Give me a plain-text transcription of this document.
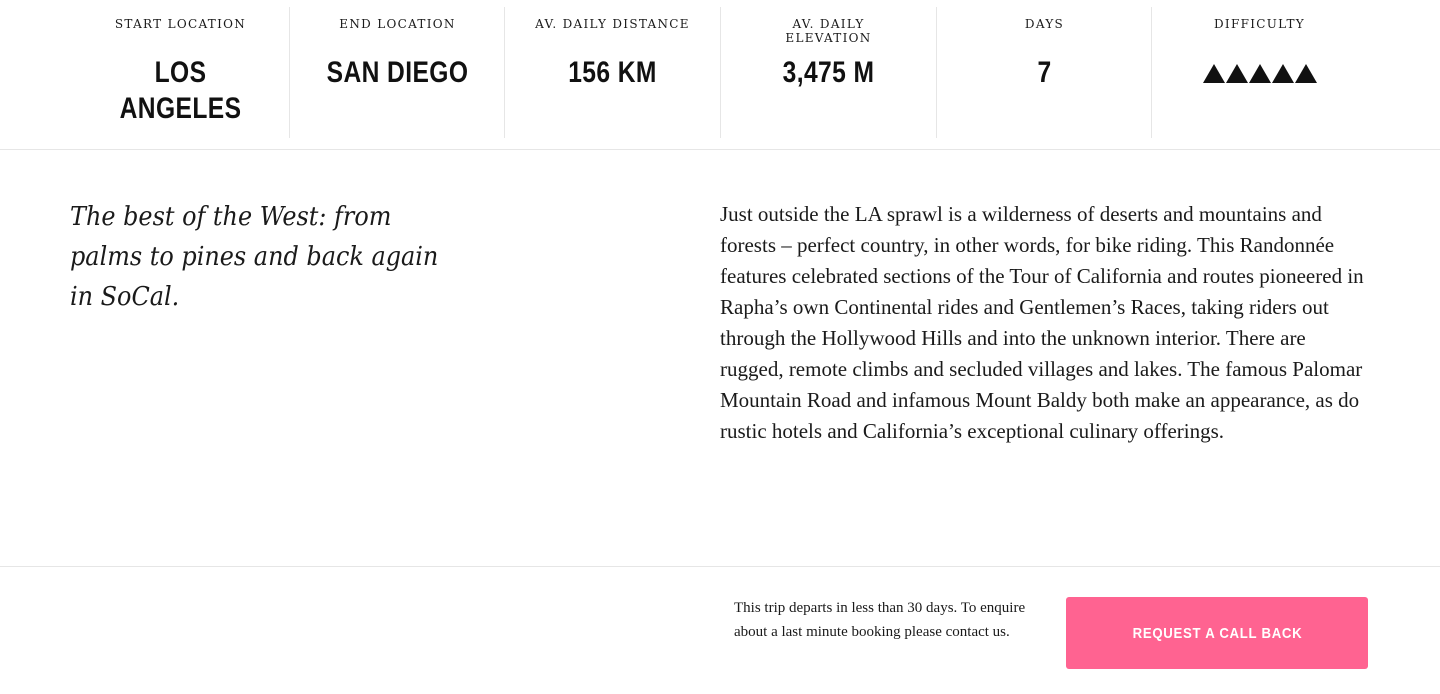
START LOCATION
LOS ANGELES
END LOCATION
SAN DIEGO
AV. DAILY DISTANCE
156 KM
AV. DAILY ELEVATION
3,475 M
DAYS
7
DIFFICULTY
The best of the West: from palms to pines and back again in SoCal.
Just outside the LA sprawl is a wilderness of deserts and mountains and forests – perfect country, in other words, for bike riding. This Randonnée features celebrated sections of the Tour of California and routes pioneered in Rapha’s own Continental rides and Gentlemen’s Races, taking riders out through the Hollywood Hills and into the unknown interior. There are rugged, remote climbs and secluded villages and lakes. The famous Palomar Mountain Road and infamous Mount Baldy both make an appearance, as do rustic hotels and California’s exceptional culinary offerings.
This trip departs in less than 30 days. To enquire about a last minute booking please contact us.	REQUEST A CALL BACK
